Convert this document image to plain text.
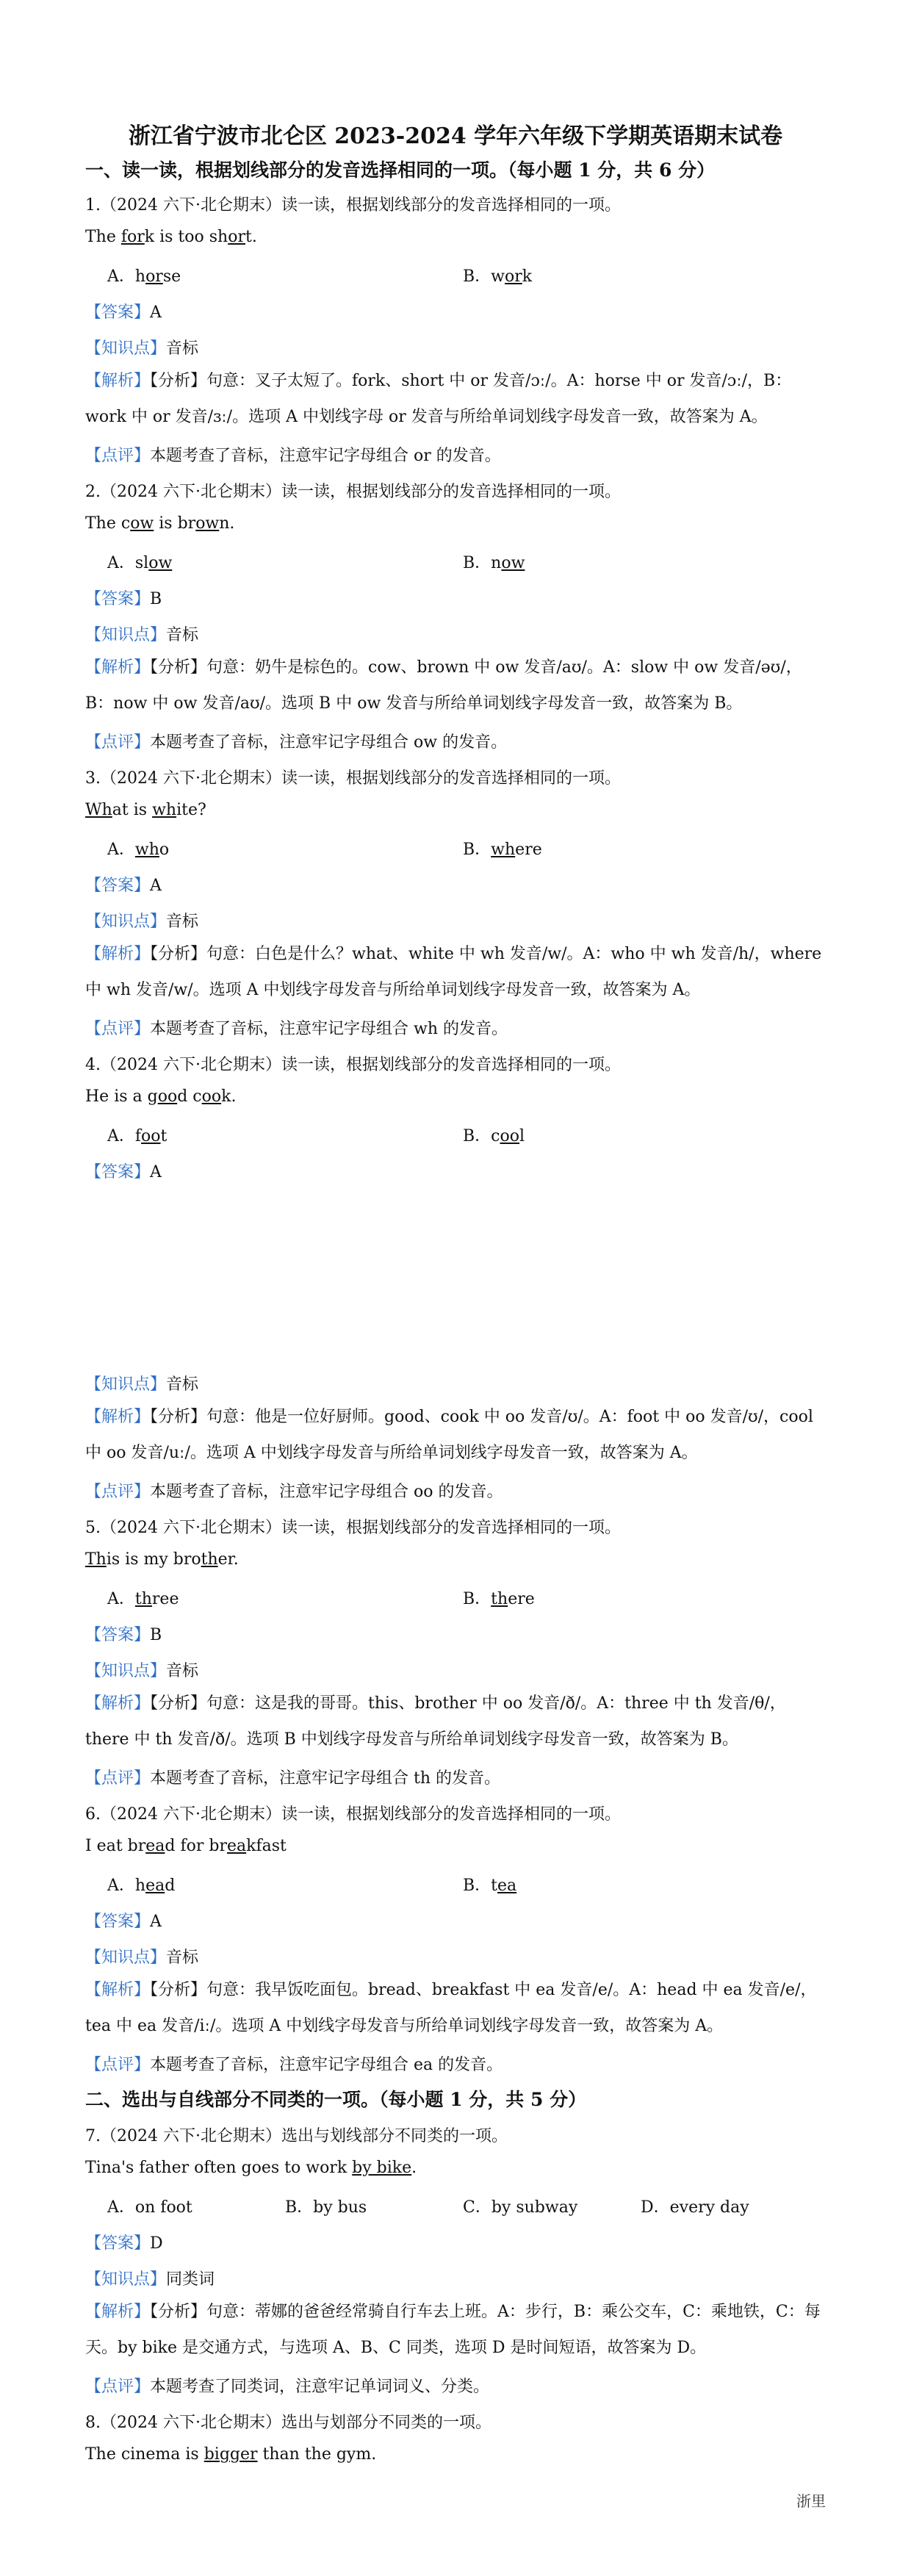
浙江省宁波市北仑区 2023-2024 学年六年级下学期英语期末试卷

一、读一读，根据划线部分的发音选择相同的一项。（每小题 1 分，共 6 分）

1.（2024 六下·北仑期末）读一读，根据划线部分的发音选择相同的一项。
The fork is too short.
A．horse	B．work
【答案】A
【知识点】音标
【解析】【分析】句意：叉子太短了。fork、short 中 or 发音/ɔː/。A：horse 中 or 发音/ɔː/，B：work 中 or 发音/ɜː/。选项 A 中划线字母 or 发音与所给单词划线字母发音一致，故答案为 A。
【点评】本题考查了音标，注意牢记字母组合 or 的发音。
2.（2024 六下·北仑期末）读一读，根据划线部分的发音选择相同的一项。
The cow is brown.
A．slow	B．now
【答案】B
【知识点】音标
【解析】【分析】句意：奶牛是棕色的。cow、brown 中 ow 发音/aʊ/。A：slow 中 ow 发音/əʊ/，B：now 中 ow 发音/aʊ/。选项 B 中 ow 发音与所给单词划线字母发音一致，故答案为 B。
【点评】本题考查了音标，注意牢记字母组合 ow 的发音。
3.（2024 六下·北仑期末）读一读，根据划线部分的发音选择相同的一项。
What is white?
A．who	B．where
【答案】A
【知识点】音标
【解析】【分析】句意：白色是什么？what、white 中 wh 发音/w/。A：who 中 wh 发音/h/，where 中 wh 发音/w/。选项 A 中划线字母发音与所给单词划线字母发音一致，故答案为 A。
【点评】本题考查了音标，注意牢记字母组合 wh 的发音。
4.（2024 六下·北仑期末）读一读，根据划线部分的发音选择相同的一项。
He is a good cook.
A．foot	B．cool
【答案】A
【知识点】音标
【解析】【分析】句意：他是一位好厨师。good、cook 中 oo 发音/ʊ/。A：foot 中 oo 发音/ʊ/，cool 中 oo 发音/uː/。选项 A 中划线字母发音与所给单词划线字母发音一致，故答案为 A。
【点评】本题考查了音标，注意牢记字母组合 oo 的发音。
5.（2024 六下·北仑期末）读一读，根据划线部分的发音选择相同的一项。
This is my brother.
A．three	B．there
【答案】B
【知识点】音标
【解析】【分析】句意：这是我的哥哥。this、brother 中 oo 发音/ð/。A：three 中 th 发音/θ/，there 中 th 发音/ð/。选项 B 中划线字母发音与所给单词划线字母发音一致，故答案为 B。
【点评】本题考查了音标，注意牢记字母组合 th 的发音。
6.（2024 六下·北仑期末）读一读，根据划线部分的发音选择相同的一项。
I eat bread for breakfast
A．head	B．tea
【答案】A
【知识点】音标
【解析】【分析】句意：我早饭吃面包。bread、breakfast 中 ea 发音/e/。A：head 中 ea 发音/e/，tea 中 ea 发音/iː/。选项 A 中划线字母发音与所给单词划线字母发音一致，故答案为 A。
【点评】本题考查了音标，注意牢记字母组合 ea 的发音。

二、选出与自线部分不同类的一项。（每小题 1 分，共 5 分）

7.（2024 六下·北仑期末）选出与划线部分不同类的一项。
Tina's father often goes to work by bike.
A．on foot	B．by bus	C．by subway	D．every day
【答案】D
【知识点】同类词
【解析】【分析】句意：蒂娜的爸爸经常骑自行车去上班。A：步行，B：乘公交车，C：乘地铁，C：每天。by bike 是交通方式，与选项 A、B、C 同类，选项 D 是时间短语，故答案为 D。
【点评】本题考查了同类词，注意牢记单词词义、分类。
8.（2024 六下·北仑期末）选出与划部分不同类的一项。
The cinema is bigger than the gym.
浙里
